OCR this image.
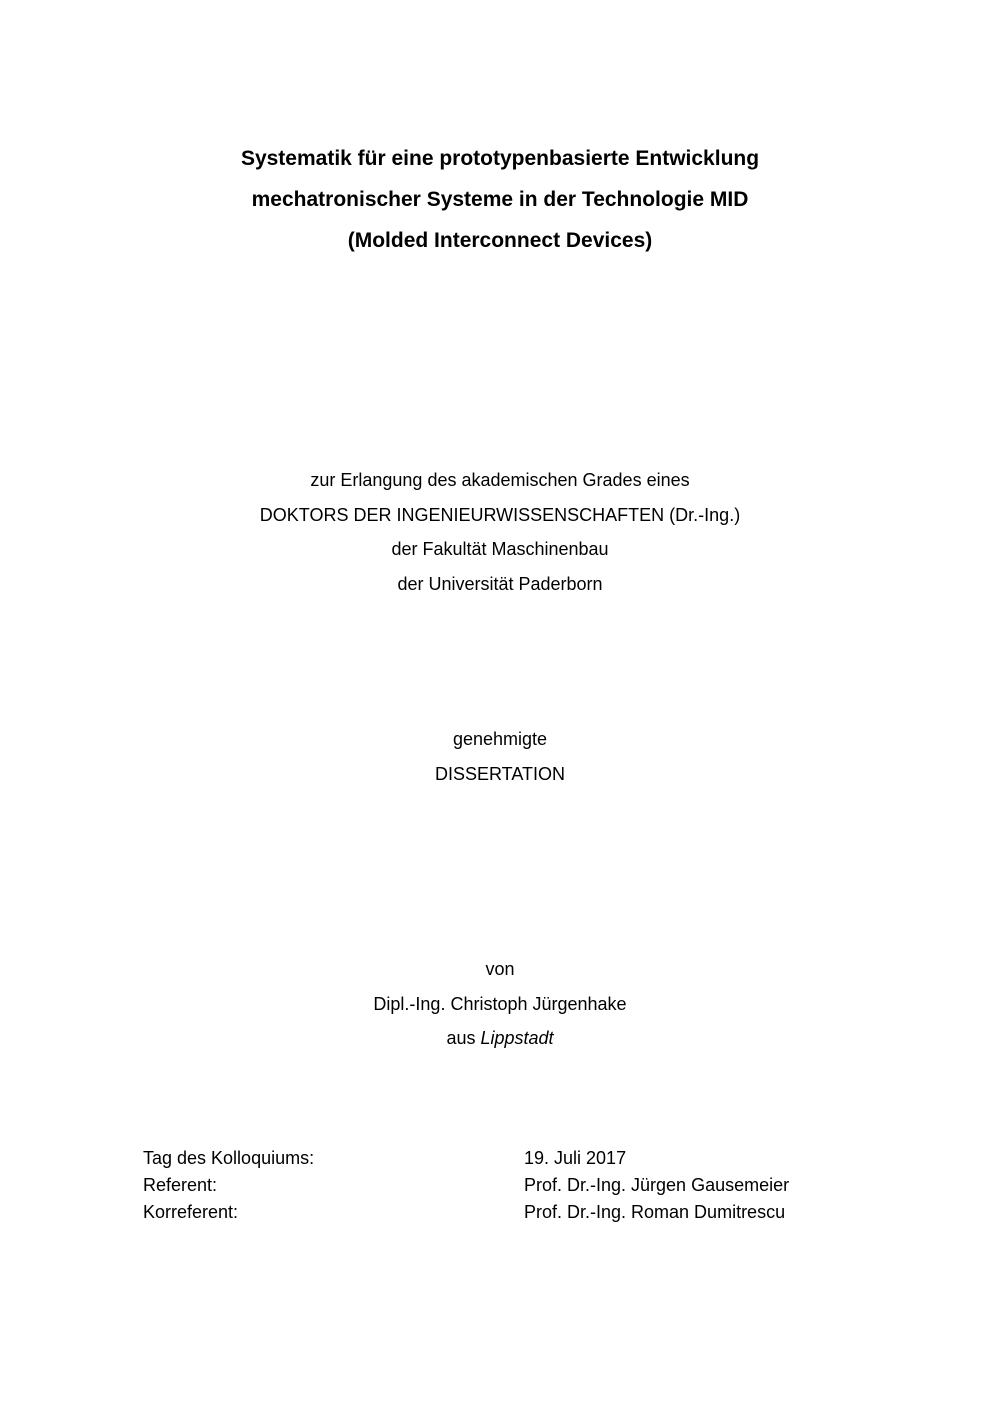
Systematik für eine prototypenbasierte Entwicklung
mechatronischer Systeme in der Technologie MID
(Molded Interconnect Devices)
zur Erlangung des akademischen Grades eines
DOKTORS DER INGENIEURWISSENSCHAFTEN (Dr.-Ing.)
der Fakultät Maschinenbau
der Universität Paderborn
genehmigte
DISSERTATION
von
Dipl.-Ing. Christoph Jürgenhake
aus Lippstadt
Tag des Kolloquiums:	19. Juli 2017
Referent:	Prof. Dr.-Ing. Jürgen Gausemeier
Korreferent:	Prof. Dr.-Ing. Roman Dumitrescu
